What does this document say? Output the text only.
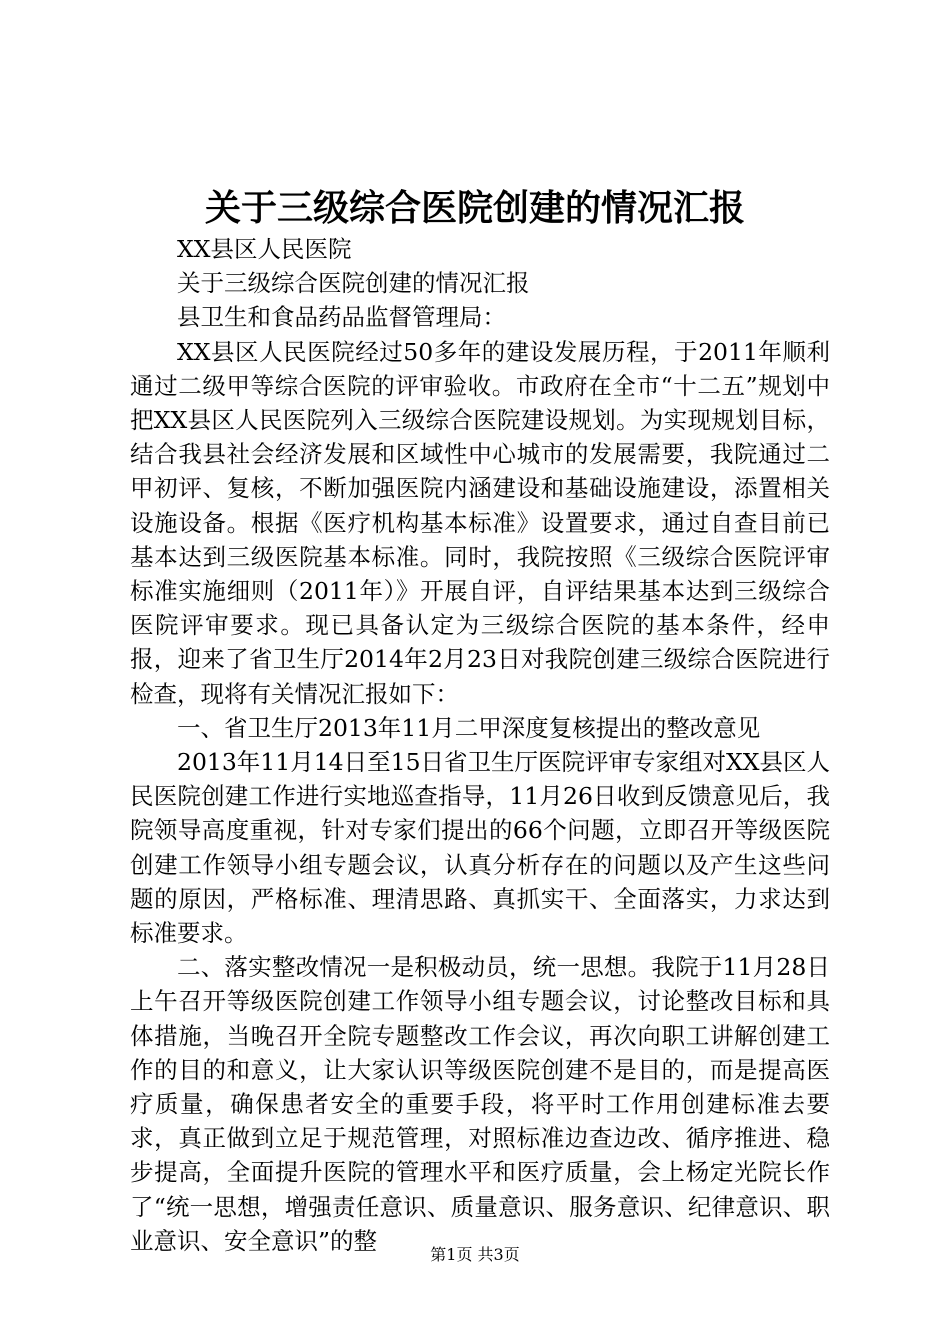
关于三级综合医院创建的情况汇报

XX县区人民医院

关于三级综合医院创建的情况汇报

县卫生和食品药品监督管理局：

XX县区人民医院经过50多年的建设发展历程，于2011年顺利通过二级甲等综合医院的评审验收。市政府在全市“十二五”规划中把XX县区人民医院列入三级综合医院建设规划。为实现规划目标，结合我县社会经济发展和区域性中心城市的发展需要，我院通过二甲初评、复核，不断加强医院内涵建设和基础设施建设，添置相关设施设备。根据《医疗机构基本标准》设置要求，通过自查目前已基本达到三级医院基本标准。同时，我院按照《三级综合医院评审标准实施细则（2011年）》开展自评，自评结果基本达到三级综合医院评审要求。现已具备认定为三级综合医院的基本条件，经申报，迎来了省卫生厅2014年2月23日对我院创建三级综合医院进行检查，现将有关情况汇报如下：

一、省卫生厅2013年11月二甲深度复核提出的整改意见

2013年11月14日至15日省卫生厅医院评审专家组对XX县区人民医院创建工作进行实地巡查指导，11月26日收到反馈意见后，我院领导高度重视，针对专家们提出的66个问题，立即召开等级医院创建工作领导小组专题会议，认真分析存在的问题以及产生这些问题的原因，严格标准、理清思路、真抓实干、全面落实，力求达到标准要求。

二、落实整改情况一是积极动员，统一思想。我院于11月28日上午召开等级医院创建工作领导小组专题会议，讨论整改目标和具体措施，当晚召开全院专题整改工作会议，再次向职工讲解创建工作的目的和意义，让大家认识等级医院创建不是目的，而是提高医疗质量，确保患者安全的重要手段，将平时工作用创建标准去要求，真正做到立足于规范管理，对照标准边查边改、循序推进、稳步提高，全面提升医院的管理水平和医疗质量，会上杨定光院长作了“统一思想，增强责任意识、质量意识、服务意识、纪律意识、职业意识、安全意识”的整	第1页 共3页
